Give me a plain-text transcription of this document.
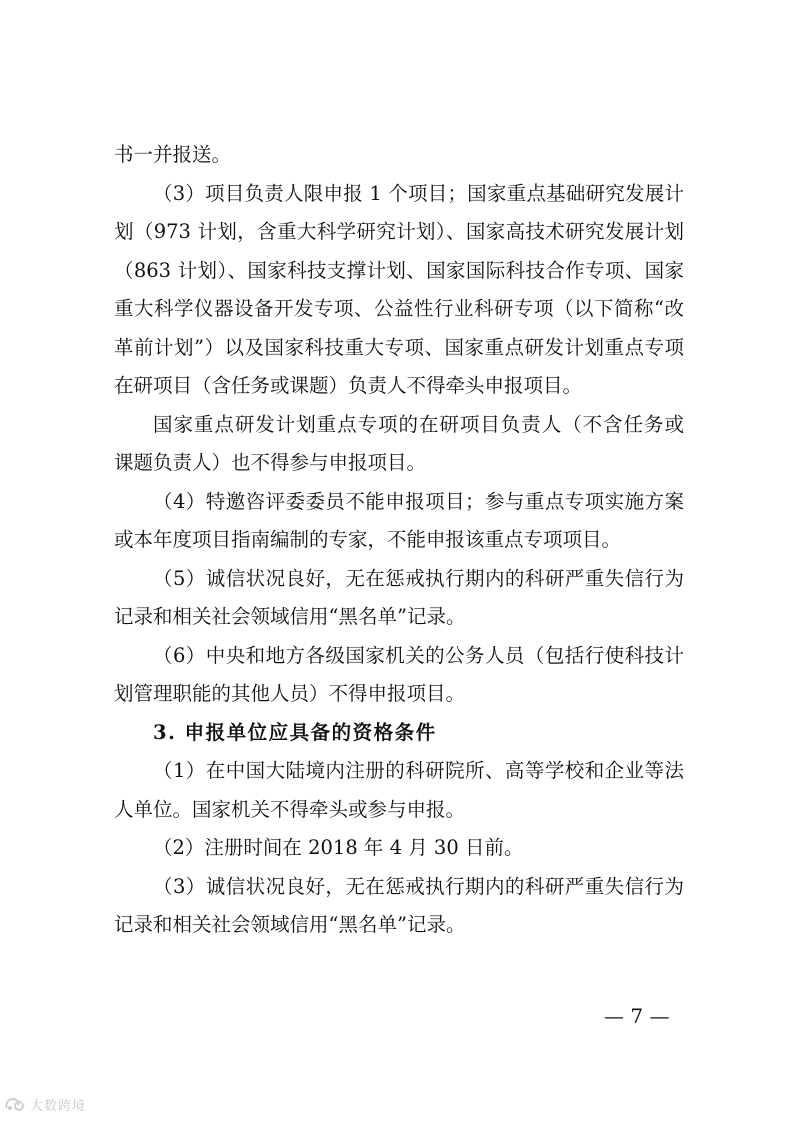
书一并报送。
（3）项目负责人限申报 1 个项目；国家重点基础研究发展计
划（973 计划，含重大科学研究计划）、国家高技术研究发展计划
（863 计划）、国家科技支撑计划、国家国际科技合作专项、国家
重大科学仪器设备开发专项、公益性行业科研专项（以下简称“改
革前计划”）以及国家科技重大专项、国家重点研发计划重点专项
在研项目（含任务或课题）负责人不得牵头申报项目。
国家重点研发计划重点专项的在研项目负责人（不含任务或
课题负责人）也不得参与申报项目。
（4）特邀咨评委委员不能申报项目；参与重点专项实施方案
或本年度项目指南编制的专家，不能申报该重点专项项目。
（5）诚信状况良好，无在惩戒执行期内的科研严重失信行为
记录和相关社会领域信用“黑名单”记录。
（6）中央和地方各级国家机关的公务人员（包括行使科技计
划管理职能的其他人员）不得申报项目。
3. 申报单位应具备的资格条件
（1）在中国大陆境内注册的科研院所、高等学校和企业等法
人单位。国家机关不得牵头或参与申报。
（2）注册时间在 2018 年 4 月 30 日前。
（3）诚信状况良好，无在惩戒执行期内的科研严重失信行为
记录和相关社会领域信用“黑名单”记录。
— 7 —
大数跨境
